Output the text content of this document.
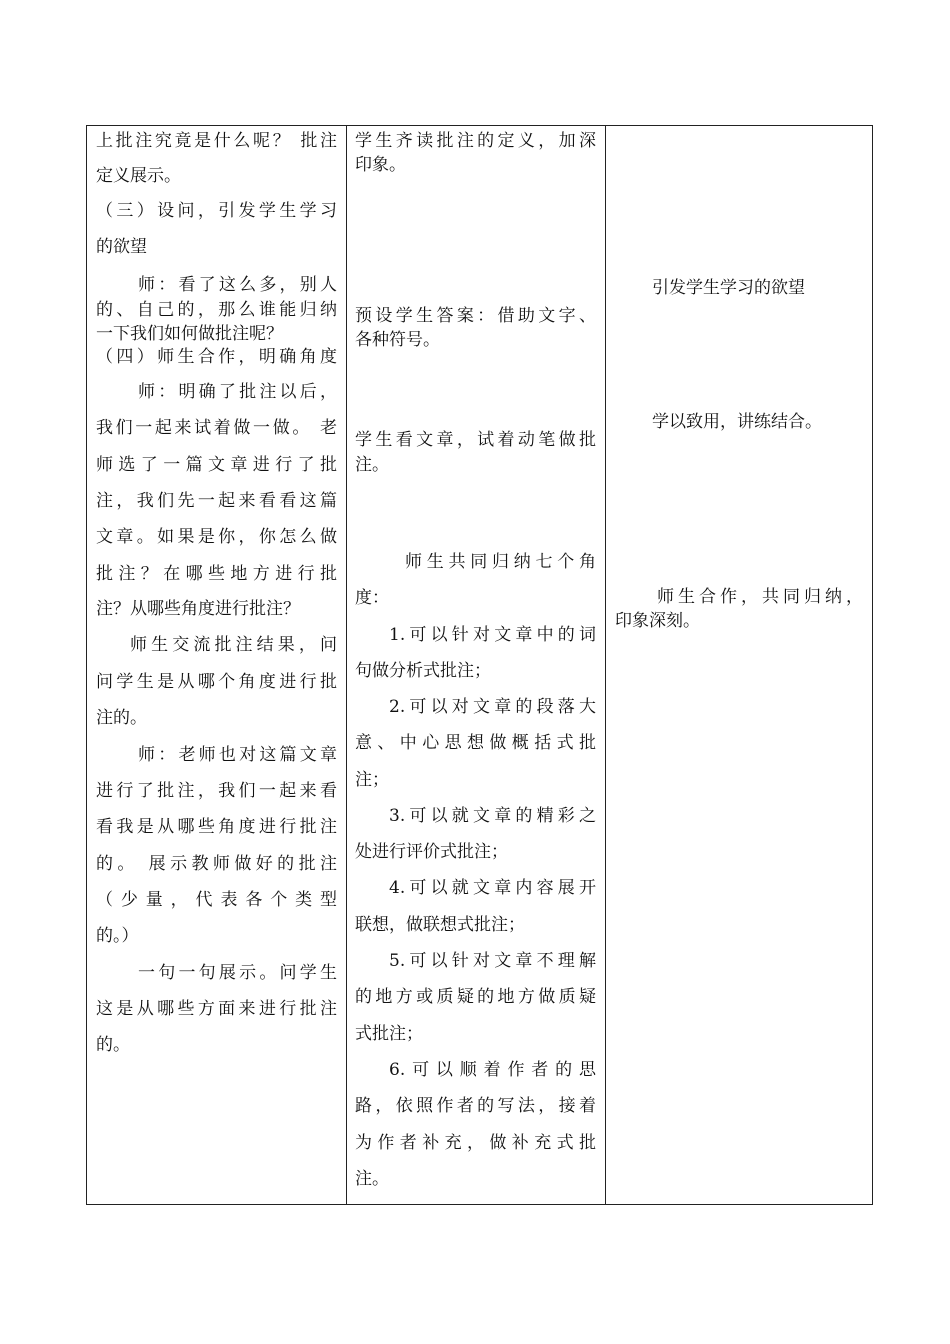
上批注究竟是什么呢？ 批注
定义展示。
（三）设问，引发学生学习
的欲望
师：看了这么多，别人
的、自己的，那么谁能归纳
一下我们如何做批注呢？
（四）师生合作，明确角度
师：明确了批注以后，
我们一起来试着做一做。 老
师选了一篇文章进行了批
注，我们先一起来看看这篇
文章。如果是你，你怎么做
批注？在哪些地方进行批
注？从哪些角度进行批注？
师生交流批注结果，问
问学生是从哪个角度进行批
注的。
师：老师也对这篇文章
进行了批注，我们一起来看
看我是从哪些角度进行批注
的。 展示教师做好的批注
（少量，代表各个类型
的。）
一句一句展示。问学生
这是从哪些方面来进行批注
的。
学生齐读批注的定义，加深
印象。
预设学生答案：借助文字、
各种符号。
学生看文章，试着动笔做批
注。
师生共同归纳七个角
度：
1.可以针对文章中的词
句做分析式批注；
2.可以对文章的段落大
意、中心思想做概括式批
注；
3.可以就文章的精彩之
处进行评价式批注；
4.可以就文章内容展开
联想，做联想式批注；
5.可以针对文章不理解
的地方或质疑的地方做质疑
式批注；
6.可以顺着作者的思
路，依照作者的写法，接着
为作者补充，做补充式批
注。
引发学生学习的欲望
学以致用，讲练结合。
师生合作，共同归纳，
印象深刻。
